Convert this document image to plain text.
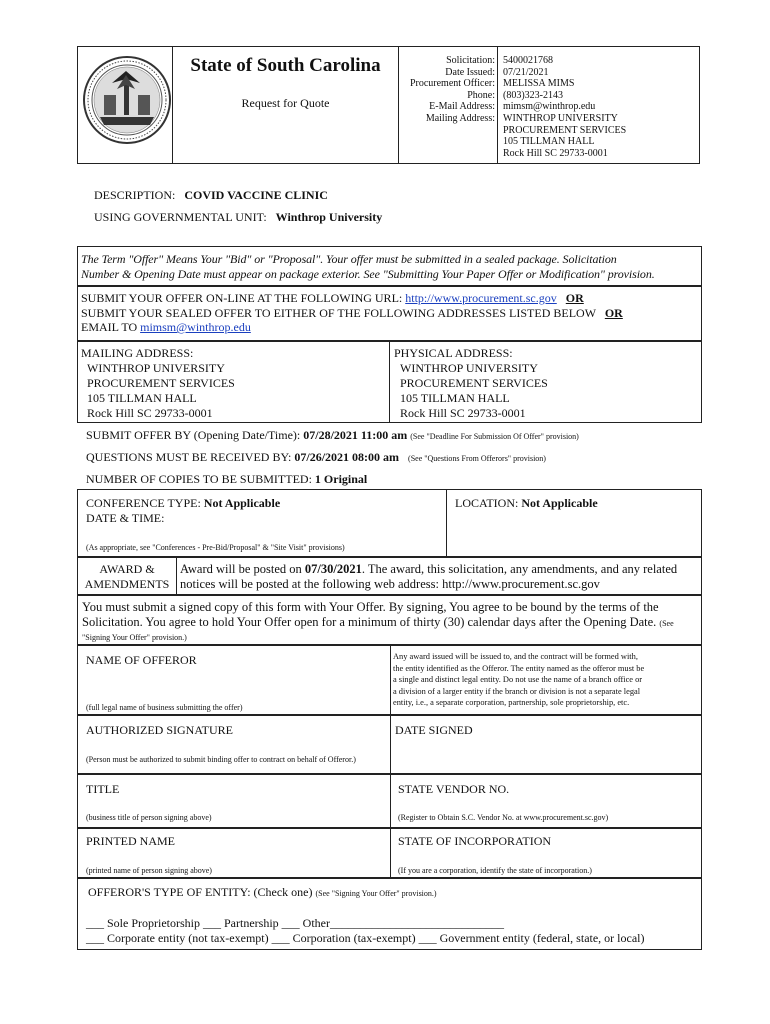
State of South Carolina
Request for Quote
Solicitation:
Date Issued:
Procurement Officer:
Phone:
E-Mail Address:
Mailing Address:
5400021768
07/21/2021
MELISSA MIMS
(803)323-2143
mimsm@winthrop.edu
WINTHROP UNIVERSITY
PROCUREMENT SERVICES
105 TILLMAN HALL
Rock Hill SC 29733-0001
DESCRIPTION: COVID VACCINE CLINIC
USING GOVERNMENTAL UNIT: Winthrop University
The Term "Offer" Means Your "Bid" or "Proposal". Your offer must be submitted in a sealed package. Solicitation
Number & Opening Date must appear on package exterior. See "Submitting Your Paper Offer or Modification" provision.
SUBMIT YOUR OFFER ON-LINE AT THE FOLLOWING URL: http://www.procurement.sc.gov OR
SUBMIT YOUR SEALED OFFER TO EITHER OF THE FOLLOWING ADDRESSES LISTED BELOW OR
EMAIL TO mimsm@winthrop.edu
MAILING ADDRESS:
WINTHROP UNIVERSITY
PROCUREMENT SERVICES
105 TILLMAN HALL
Rock Hill SC 29733-0001
PHYSICAL ADDRESS:
WINTHROP UNIVERSITY
PROCUREMENT SERVICES
105 TILLMAN HALL
Rock Hill SC 29733-0001
SUBMIT OFFER BY (Opening Date/Time): 07/28/2021 11:00 am (See "Deadline For Submission Of Offer" provision)
QUESTIONS MUST BE RECEIVED BY: 07/26/2021 08:00 am (See "Questions From Offerors" provision)
NUMBER OF COPIES TO BE SUBMITTED: 1 Original
CONFERENCE TYPE: Not Applicable
DATE & TIME:
(As appropriate, see "Conferences - Pre-Bid/Proposal" & "Site Visit" provisions)
LOCATION: Not Applicable
AWARD &
AMENDMENTS
Award will be posted on 07/30/2021. The award, this solicitation, any amendments, and any related
notices will be posted at the following web address: http://www.procurement.sc.gov
You must submit a signed copy of this form with Your Offer. By signing, You agree to be bound by the terms of the
Solicitation. You agree to hold Your Offer open for a minimum of thirty (30) calendar days after the Opening Date. (See
"Signing Your Offer" provision.)
NAME OF OFFEROR
(full legal name of business submitting the offer)
Any award issued will be issued to, and the contract will be formed with,
the entity identified as the Offeror. The entity named as the offeror must be
a single and distinct legal entity. Do not use the name of a branch office or
a division of a larger entity if the branch or division is not a separate legal
entity, i.e., a separate corporation, partnership, sole proprietorship, etc.
AUTHORIZED SIGNATURE
(Person must be authorized to submit binding offer to contract on behalf of Offeror.)
DATE SIGNED
TITLE
(business title of person signing above)
STATE VENDOR NO.
(Register to Obtain S.C. Vendor No. at www.procurement.sc.gov)
PRINTED NAME
(printed name of person signing above)
STATE OF INCORPORATION
(If you are a corporation, identify the state of incorporation.)
OFFEROR'S TYPE OF ENTITY: (Check one) (See "Signing Your Offer" provision.)
___ Sole Proprietorship ___ Partnership ___ Other_____________________________
___ Corporate entity (not tax-exempt) ___ Corporation (tax-exempt) ___ Government entity (federal, state, or local)
